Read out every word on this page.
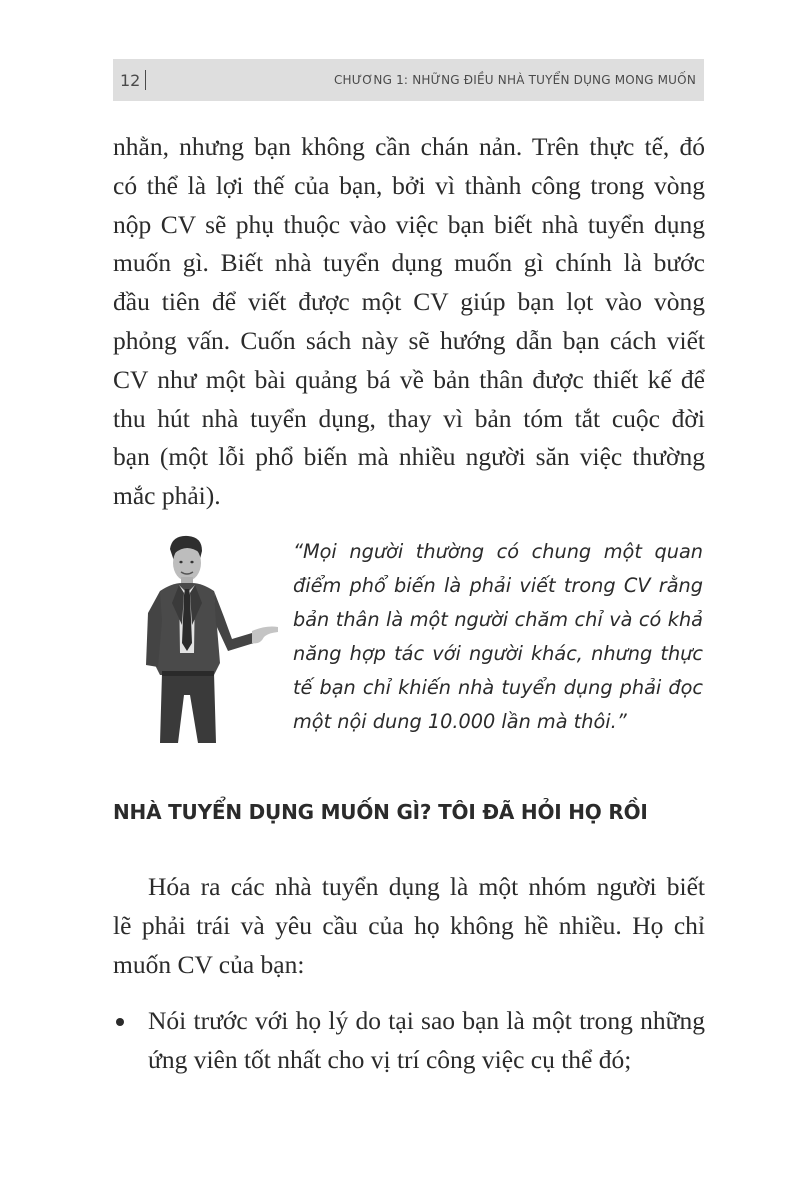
12	CHƯƠNG 1: NHỮNG ĐIỀU NHÀ TUYỂN DỤNG MONG MUỐN

nhằn, nhưng bạn không cần chán nản. Trên thực tế, đó

có thể là lợi thế của bạn, bởi vì thành công trong vòng

nộp CV sẽ phụ thuộc vào việc bạn biết nhà tuyển dụng

muốn gì. Biết nhà tuyển dụng muốn gì chính là bước

đầu tiên để viết được một CV giúp bạn lọt vào vòng

phỏng vấn. Cuốn sách này sẽ hướng dẫn bạn cách viết

CV như một bài quảng bá về bản thân được thiết kế để

thu hút nhà tuyển dụng, thay vì bản tóm tắt cuộc đời

bạn (một lỗi phổ biến mà nhiều người săn việc thường

mắc phải).

“Mọi người thường có chung một quan

điểm phổ biến là phải viết trong CV rằng

bản thân là một người chăm chỉ và có khả

năng hợp tác với người khác, nhưng thực

tế bạn chỉ khiến nhà tuyển dụng phải đọc

một nội dung 10.000 lần mà thôi.”

NHÀ TUYỂN DỤNG MUỐN GÌ? TÔI ĐÃ HỎI HỌ RỒI

Hóa ra các nhà tuyển dụng là một nhóm người biết

lẽ phải trái và yêu cầu của họ không hề nhiều. Họ chỉ

muốn CV của bạn:

Nói trước với họ lý do tại sao bạn là một trong những

ứng viên tốt nhất cho vị trí công việc cụ thể đó;
